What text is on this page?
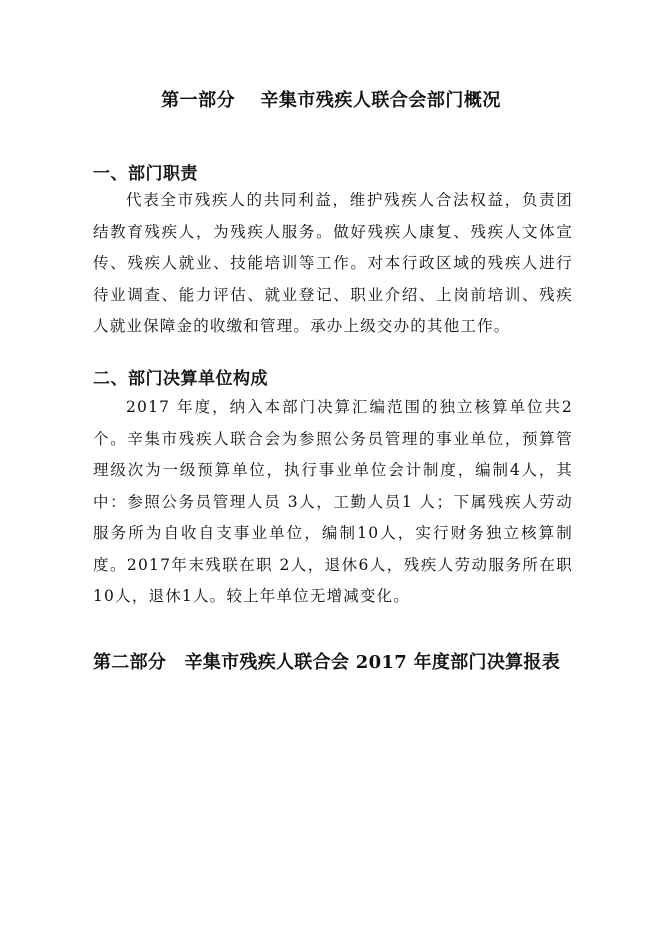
第一部分　 辛集市残疾人联合会部门概况
一、部门职责
代表全市残疾人的共同利益，维护残疾人合法权益，负责团结教育残疾人，为残疾人服务。做好残疾人康复、残疾人文体宣传、残疾人就业、技能培训等工作。对本行政区域的残疾人进行待业调查、能力评估、就业登记、职业介绍、上岗前培训、残疾人就业保障金的收缴和管理。承办上级交办的其他工作。
二、部门决算单位构成
2017 年度，纳入本部门决算汇编范围的独立核算单位共2个。辛集市残疾人联合会为参照公务员管理的事业单位，预算管理级次为一级预算单位，执行事业单位会计制度，编制4人，其中：参照公务员管理人员 3人，工勤人员1 人；下属残疾人劳动服务所为自收自支事业单位，编制10人，实行财务独立核算制度。2017年末残联在职 2人，退休6人，残疾人劳动服务所在职10人，退休1人。较上年单位无增减变化。
第二部分　辛集市残疾人联合会 2017 年度部门决算报表
